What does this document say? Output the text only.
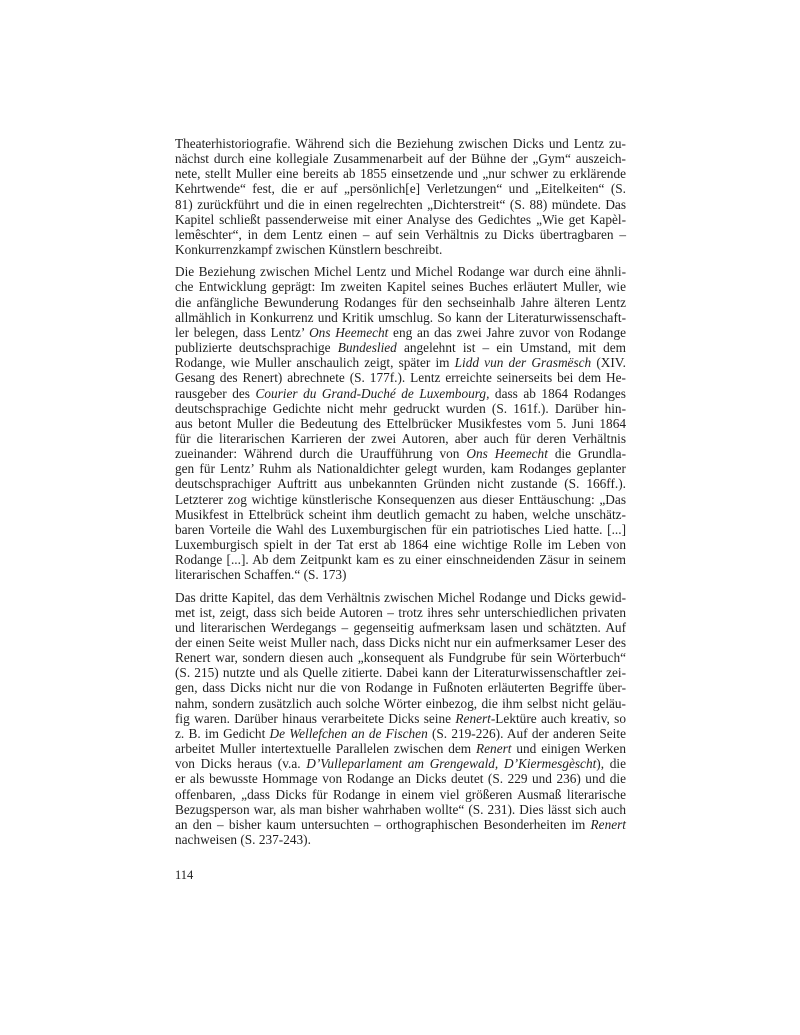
Theaterhistoriografie. Während sich die Beziehung zwischen Dicks und Lentz zu-
nächst durch eine kollegiale Zusammenarbeit auf der Bühne der „Gym“ auszeich-
nete, stellt Muller eine bereits ab 1855 einsetzende und „nur schwer zu erklärende
Kehrtwende“ fest, die er auf „persönlich[e] Verletzungen“ und „Eitelkeiten“ (S.
81) zurückführt und die in einen regelrechten „Dichterstreit“ (S. 88) mündete. Das
Kapitel schließt passenderweise mit einer Analyse des Gedichtes „Wie get Kapèl-
lemêschter“, in dem Lentz einen – auf sein Verhältnis zu Dicks übertragbaren –
Konkurrenzkampf zwischen Künstlern beschreibt.
Die Beziehung zwischen Michel Lentz und Michel Rodange war durch eine ähnli-
che Entwicklung geprägt: Im zweiten Kapitel seines Buches erläutert Muller, wie
die anfängliche Bewunderung Rodanges für den sechseinhalb Jahre älteren Lentz
allmählich in Konkurrenz und Kritik umschlug. So kann der Literaturwissenschaft-
ler belegen, dass Lentz’ Ons Heemecht eng an das zwei Jahre zuvor von Rodange
publizierte deutschsprachige Bundeslied angelehnt ist – ein Umstand, mit dem
Rodange, wie Muller anschaulich zeigt, später im Lidd vun der Grasmësch (XIV.
Gesang des Renert) abrechnete (S. 177f.). Lentz erreichte seinerseits bei dem He-
rausgeber des Courier du Grand-Duché de Luxembourg, dass ab 1864 Rodanges
deutschsprachige Gedichte nicht mehr gedruckt wurden (S. 161f.). Darüber hin-
aus betont Muller die Bedeutung des Ettelbrücker Musikfestes vom 5. Juni 1864
für die literarischen Karrieren der zwei Autoren, aber auch für deren Verhältnis
zueinander: Während durch die Uraufführung von Ons Heemecht die Grundla-
gen für Lentz’ Ruhm als Nationaldichter gelegt wurden, kam Rodanges geplanter
deutschsprachiger Auftritt aus unbekannten Gründen nicht zustande (S. 166ff.).
Letzterer zog wichtige künstlerische Konsequenzen aus dieser Enttäuschung: „Das
Musikfest in Ettelbrück scheint ihm deutlich gemacht zu haben, welche unschätz-
baren Vorteile die Wahl des Luxemburgischen für ein patriotisches Lied hatte. [...]
Luxemburgisch spielt in der Tat erst ab 1864 eine wichtige Rolle im Leben von
Rodange [...]. Ab dem Zeitpunkt kam es zu einer einschneidenden Zäsur in seinem
literarischen Schaffen.“ (S. 173)
Das dritte Kapitel, das dem Verhältnis zwischen Michel Rodange und Dicks gewid-
met ist, zeigt, dass sich beide Autoren – trotz ihres sehr unterschiedlichen privaten
und literarischen Werdegangs – gegenseitig aufmerksam lasen und schätzten. Auf
der einen Seite weist Muller nach, dass Dicks nicht nur ein aufmerksamer Leser des
Renert war, sondern diesen auch „konsequent als Fundgrube für sein Wörterbuch“
(S. 215) nutzte und als Quelle zitierte. Dabei kann der Literaturwissenschaftler zei-
gen, dass Dicks nicht nur die von Rodange in Fußnoten erläuterten Begriffe über-
nahm, sondern zusätzlich auch solche Wörter einbezog, die ihm selbst nicht geläu-
fig waren. Darüber hinaus verarbeitete Dicks seine Renert-Lektüre auch kreativ, so
z. B. im Gedicht De Wellefchen an de Fischen (S. 219-226). Auf der anderen Seite
arbeitet Muller intertextuelle Parallelen zwischen dem Renert und einigen Werken
von Dicks heraus (v.a. D’Vulleparlament am Grengewald, D’Kiermesgèscht), die
er als bewusste Hommage von Rodange an Dicks deutet (S. 229 und 236) und die
offenbaren, „dass Dicks für Rodange in einem viel größeren Ausmaß literarische
Bezugsperson war, als man bisher wahrhaben wollte“ (S. 231). Dies lässt sich auch
an den – bisher kaum untersuchten – orthographischen Besonderheiten im Renert
nachweisen (S. 237-243).
114
